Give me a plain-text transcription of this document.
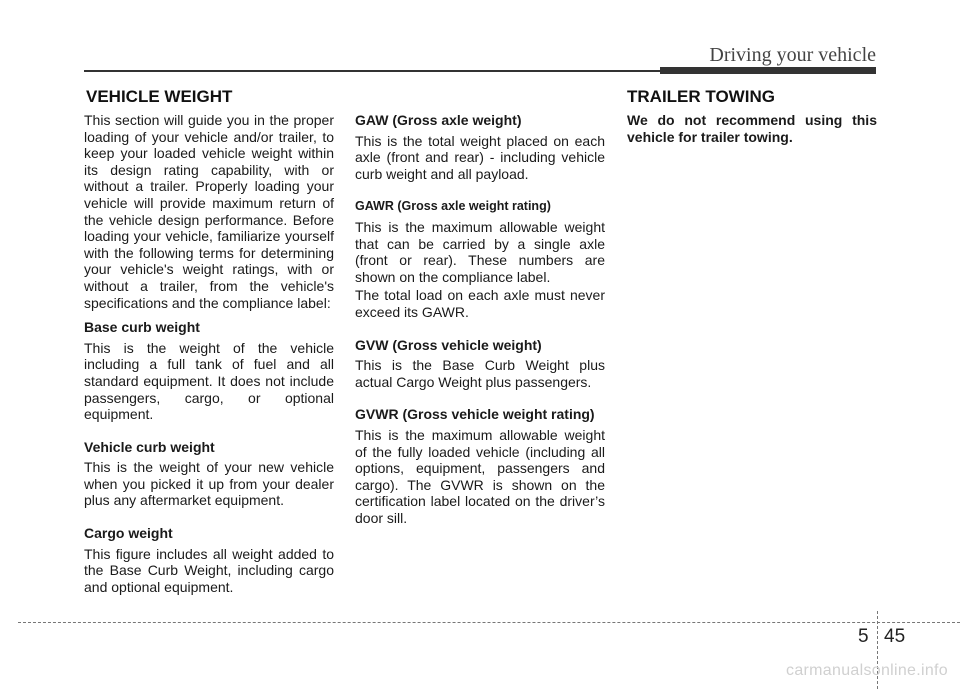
Driving your vehicle
VEHICLE WEIGHT	TRAILER TOWING

This section will guide you in the proper loading of your vehicle and/or trailer, to keep your loaded vehicle weight within its design rating capability, with or without a trailer. Properly loading your vehicle will provide maximum return of the vehicle design performance. Before loading your vehicle, familiarize yourself with the following terms for determining your vehicle's weight ratings, with or without a trailer, from the vehicle's specifications and the compliance label:

Base curb weight

This is the weight of the vehicle including a full tank of fuel and all standard equipment. It does not include passengers, cargo, or optional equipment.

Vehicle curb weight

This is the weight of your new vehicle when you picked it up from your dealer plus any aftermarket equipment.

Cargo weight

This figure includes all weight added to the Base Curb Weight, including cargo and optional equipment.

GAW (Gross axle weight)

This is the total weight placed on each axle (front and rear) - including vehicle curb weight and all payload.

GAWR (Gross axle weight rating)

This is the maximum allowable weight that can be carried by a single axle (front or rear). These numbers are shown on the compliance label.

The total load on each axle must never exceed its GAWR.

GVW (Gross vehicle weight)

This is the Base Curb Weight plus actual Cargo Weight plus passengers.

GVWR (Gross vehicle weight rating)

This is the maximum allowable weight of the fully loaded vehicle (including all options, equipment, passengers and cargo). The GVWR is shown on the certification label located on the driver’s door sill.

We do not recommend using this vehicle for trailer towing.

5 45

carmanualsonline.info
